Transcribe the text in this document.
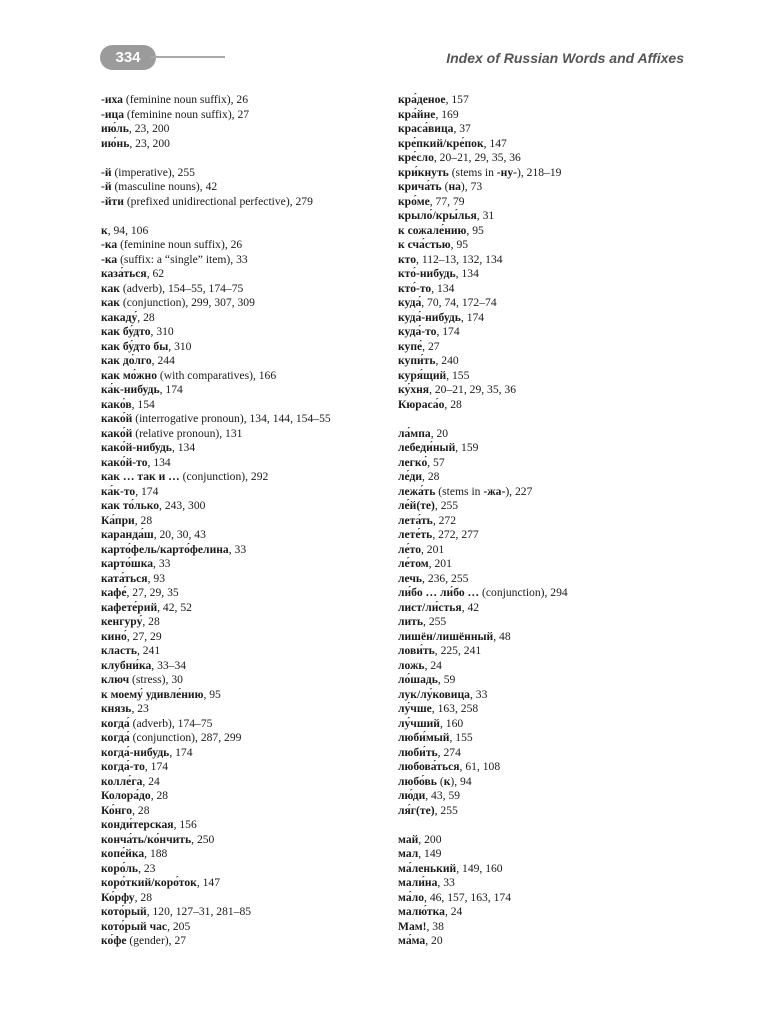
334	Index of Russian Words and Affixes
-иха (feminine noun suffix), 26
-ица (feminine noun suffix), 27
ию́ль, 23, 200
ию́нь, 23, 200
-й (imperative), 255
-й (masculine nouns), 42
-йти (prefixed unidirectional perfective), 279
к, 94, 106
-ка (feminine noun suffix), 26
-ка (suffix: a “single” item), 33
каза́ться, 62
как (adverb), 154–55, 174–75
как (conjunction), 299, 307, 309
какаду́, 28
как бу́дто, 310
как бу́дто бы, 310
как до́лго, 244
как мо́жно (with comparatives), 166
ка́к-нибудь, 174
како́в, 154
како́й (interrogative pronoun), 134, 144, 154–55
како́й (relative pronoun), 131
како́й-нибудь, 134
како́й-то, 134
как … так и … (conjunction), 292
ка́к-то, 174
как то́лько, 243, 300
Ка́при, 28
каранда́ш, 20, 30, 43
карто́фель/карто́фелина, 33
карто́шка, 33
ката́ться, 93
кафе́, 27, 29, 35
кафете́рий, 42, 52
кенгуру́, 28
кино́, 27, 29
класть, 241
клубни́ка, 33–34
ключ (stress), 30
к моему́ удивле́нию, 95
князь, 23
когда́ (adverb), 174–75
когда́ (conjunction), 287, 299
когда́-нибудь, 174
когда́-то, 174
колле́га, 24
Колора́до, 28
Ко́нго, 28
конди́терская, 156
конча́ть/ко́нчить, 250
копе́йка, 188
коро́ль, 23
коро́ткий/коро́ток, 147
Ко́рфу, 28
кото́рый, 120, 127–31, 281–85
кото́рый час, 205
ко́фе (gender), 27
кра́деное, 157
кра́йне, 169
краса́вица, 37
кре́пкий/кре́пок, 147
кре́сло, 20–21, 29, 35, 36
кри́кнуть (stems in -ну-), 218–19
крича́ть (на), 73
кро́ме, 77, 79
крыло́/кры́лья, 31
к сожале́нию, 95
к сча́стью, 95
кто, 112–13, 132, 134
кто́-нибудь, 134
кто́-то, 134
куда́, 70, 74, 172–74
куда́-нибудь, 174
куда́-то, 174
купе́, 27
купи́ть, 240
куря́щий, 155
ку́хня, 20–21, 29, 35, 36
Кюраса́о, 28
ла́мпа, 20
лебеди́ный, 159
легко́, 57
ле́ди, 28
лежа́ть (stems in -жа-), 227
ле́й(те), 255
лета́ть, 272
лете́ть, 272, 277
ле́то, 201
ле́том, 201
лечь, 236, 255
ли́бо … ли́бо … (conjunction), 294
лист/ли́стья, 42
лить, 255
лишён/лишённый, 48
лови́ть, 225, 241
ложь, 24
ло́шадь, 59
лук/лу́ковица, 33
лу́чше, 163, 258
лу́чший, 160
люби́мый, 155
люби́ть, 274
любова́ться, 61, 108
любо́вь (к), 94
лю́ди, 43, 59
ля́г(те), 255
май, 200
мал, 149
ма́ленький, 149, 160
мали́на, 33
ма́ло, 46, 157, 163, 174
малю́тка, 24
Мам!, 38
ма́ма, 20
